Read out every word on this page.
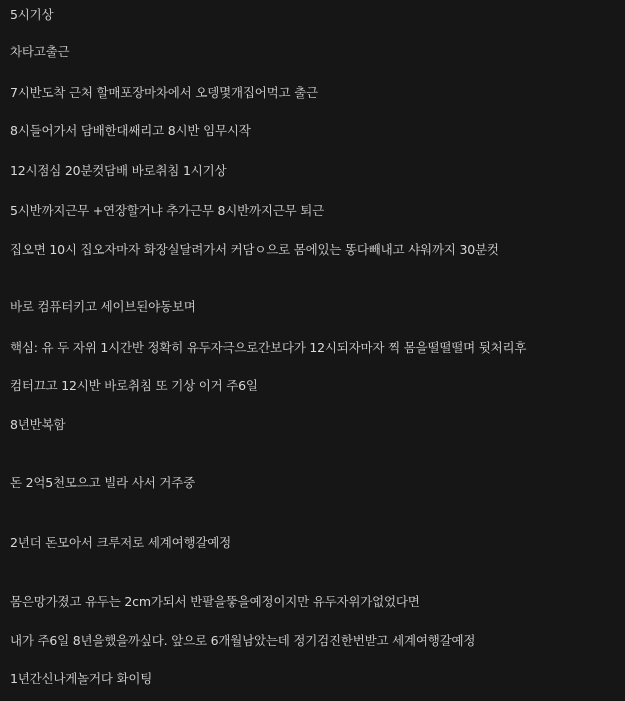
5시기상
차타고출근
7시반도착 근처 할매포장마차에서 오뎅몇개집어먹고 출근
8시들어가서 담배한대쌔리고 8시반 임무시작
12시점심 20분컷담배 바로취침 1시기상
5시반까지근무 +연장할거냐 추가근무 8시반까지근무 퇴근
집오면 10시 집오자마자 화장실달려가서 커담ㅇ으로 몸에있는 똥다빼내고 샤워까지 30분컷
바로 컴퓨터키고 세이브된야동보며
핵심: 유 두 자위 1시간반 정확히 유두자극으로간보다가 12시되자마자 찍 몸을떨떨떨며 뒷처리후
컴터끄고 12시반 바로취침 또 기상 이거 주6일
8년반복함
돈 2억5천모으고 빌라 사서 거주중
2년더 돈모아서 크루저로 세계여행갈예정
몸은망가졌고 유두는 2cm가되서 반팔을뚷을예정이지만 유두자위가없었다면
내가 주6일 8년을했을까싶다. 앞으로 6개월남았는데 정기검진한번받고 세계여행갈예정
1년간신나게놀거다 화이팅
